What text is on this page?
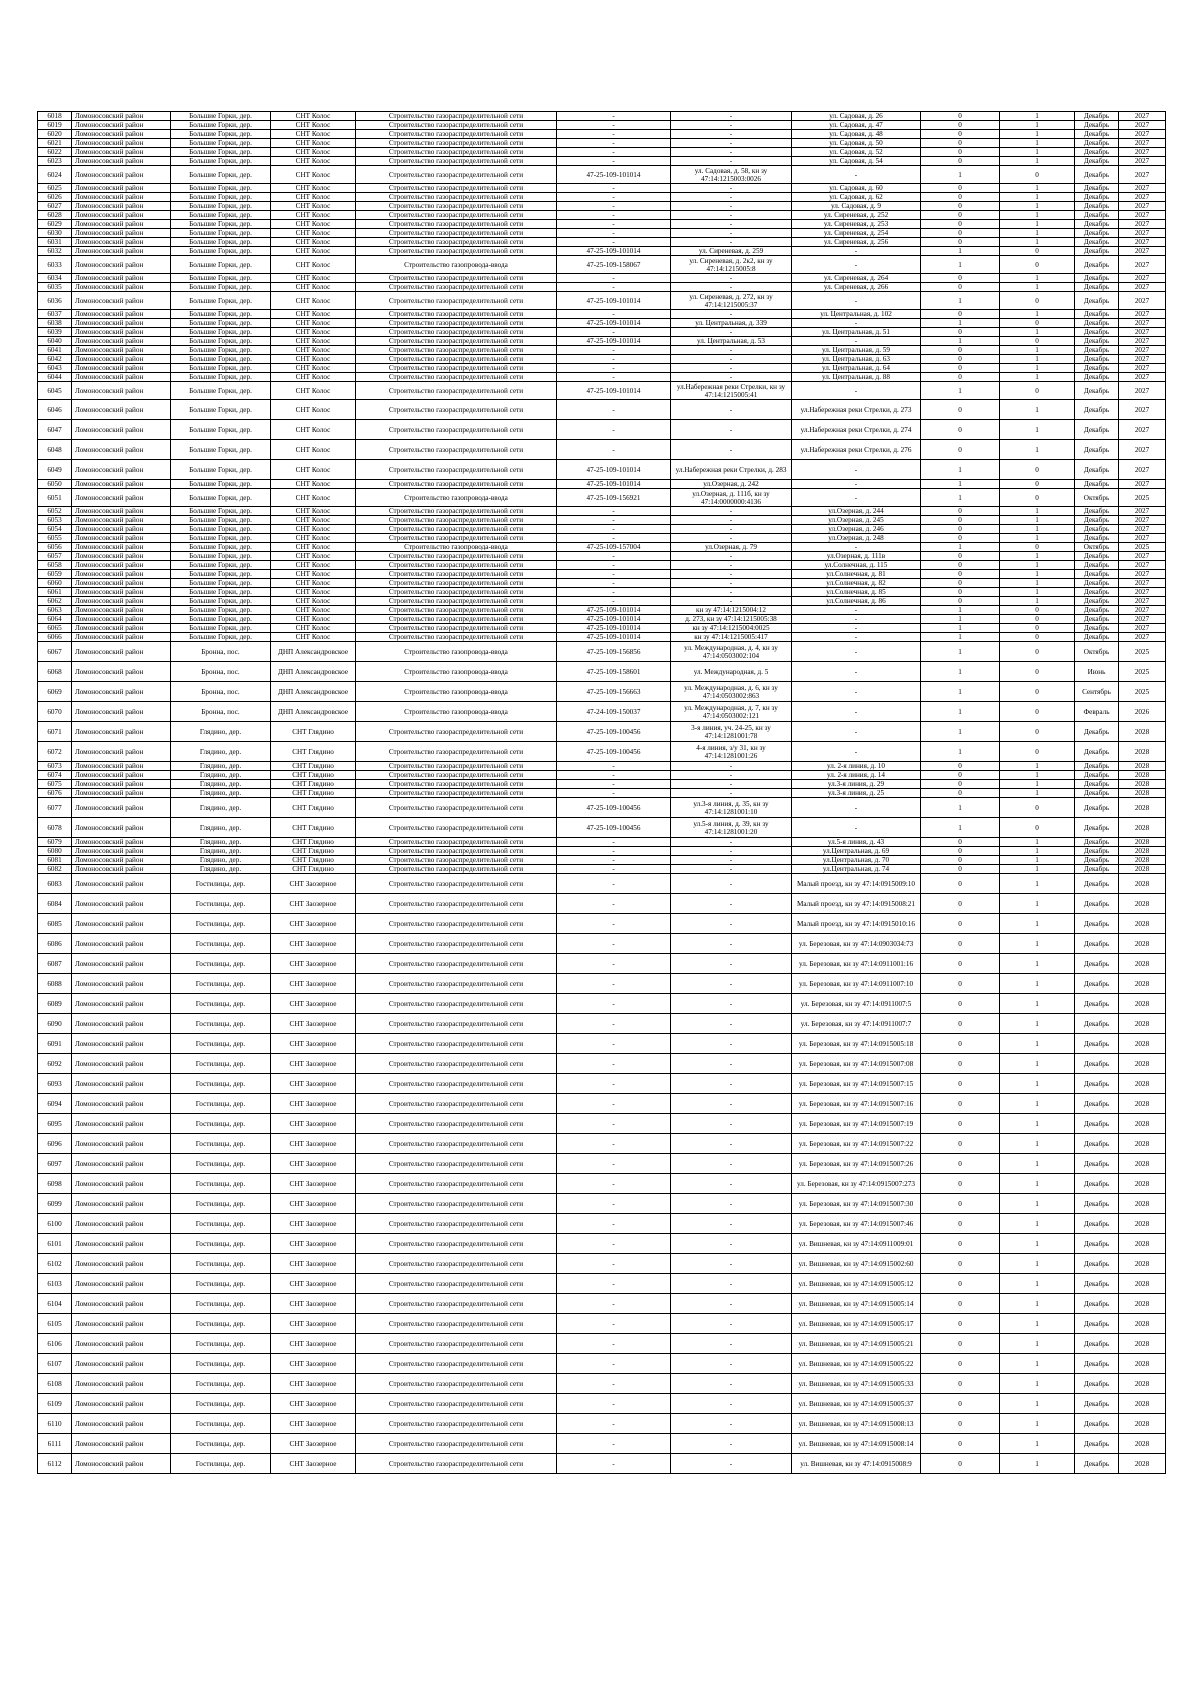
6018	Ломоносовский район	Большие Горки, дер.	СНТ Колос	Строительство газораспределительной сети	-	-	ул. Садовая, д. 26	0	1	Декабрь	2027
6019	Ломоносовский район	Большие Горки, дер.	СНТ Колос	Строительство газораспределительной сети	-	-	ул. Садовая, д. 47	0	1	Декабрь	2027
6020	Ломоносовский район	Большие Горки, дер.	СНТ Колос	Строительство газораспределительной сети	-	-	ул. Садовая, д. 48	0	1	Декабрь	2027
6021	Ломоносовский район	Большие Горки, дер.	СНТ Колос	Строительство газораспределительной сети	-	-	ул. Садовая, д. 50	0	1	Декабрь	2027
6022	Ломоносовский район	Большие Горки, дер.	СНТ Колос	Строительство газораспределительной сети	-	-	ул. Садовая, д. 52	0	1	Декабрь	2027
6023	Ломоносовский район	Большие Горки, дер.	СНТ Колос	Строительство газораспределительной сети	-	-	ул. Садовая, д. 54	0	1	Декабрь	2027
6024	Ломоносовский район	Большие Горки, дер.	СНТ Колос	Строительство газораспределительной сети	47-25-109-101014	ул. Садовая, д. 58, кн зу 47:14:1215003:0026	-	1	0	Декабрь	2027
6025	Ломоносовский район	Большие Горки, дер.	СНТ Колос	Строительство газораспределительной сети	-	-	ул. Садовая, д. 60	0	1	Декабрь	2027
6026	Ломоносовский район	Большие Горки, дер.	СНТ Колос	Строительство газораспределительной сети	-	-	ул. Садовая, д. 62	0	1	Декабрь	2027
6027	Ломоносовский район	Большие Горки, дер.	СНТ Колос	Строительство газораспределительной сети	-	-	ул. Садовая, д. 9	0	1	Декабрь	2027
6028	Ломоносовский район	Большие Горки, дер.	СНТ Колос	Строительство газораспределительной сети	-	-	ул. Сиреневая, д. 252	0	1	Декабрь	2027
6029	Ломоносовский район	Большие Горки, дер.	СНТ Колос	Строительство газораспределительной сети	-	-	ул. Сиреневая, д. 253	0	1	Декабрь	2027
6030	Ломоносовский район	Большие Горки, дер.	СНТ Колос	Строительство газораспределительной сети	-	-	ул. Сиреневая, д. 254	0	1	Декабрь	2027
6031	Ломоносовский район	Большие Горки, дер.	СНТ Колос	Строительство газораспределительной сети	-	-	ул. Сиреневая, д. 256	0	1	Декабрь	2027
6032	Ломоносовский район	Большие Горки, дер.	СНТ Колос	Строительство газораспределительной сети	47-25-109-101014	ул. Сиреневая, д. 259	-	1	0	Декабрь	2027
6033	Ломоносовский район	Большие Горки, дер.	СНТ Колос	Строительство газопровода-ввода	47-25-109-158067	ул. Сиреневая, д. 2к2, кн зу 47:14:1215005:8	-	1	0	Декабрь	2027
6034	Ломоносовский район	Большие Горки, дер.	СНТ Колос	Строительство газораспределительной сети	-	-	ул. Сиреневая, д. 264	0	1	Декабрь	2027
6035	Ломоносовский район	Большие Горки, дер.	СНТ Колос	Строительство газораспределительной сети	-	-	ул. Сиреневая, д. 266	0	1	Декабрь	2027
6036	Ломоносовский район	Большие Горки, дер.	СНТ Колос	Строительство газораспределительной сети	47-25-109-101014	ул. Сиреневая, д. 272, кн зу 47:14:1215005:37	-	1	0	Декабрь	2027
6037	Ломоносовский район	Большие Горки, дер.	СНТ Колос	Строительство газораспределительной сети	-	-	ул. Центральная, д. 102	0	1	Декабрь	2027
6038	Ломоносовский район	Большие Горки, дер.	СНТ Колос	Строительство газораспределительной сети	47-25-109-101014	ул. Центральная, д. 339	-	1	0	Декабрь	2027
6039	Ломоносовский район	Большие Горки, дер.	СНТ Колос	Строительство газораспределительной сети	-	-	ул. Центральная, д. 51	0	1	Декабрь	2027
6040	Ломоносовский район	Большие Горки, дер.	СНТ Колос	Строительство газораспределительной сети	47-25-109-101014	ул. Центральная, д. 53	-	1	0	Декабрь	2027
6041	Ломоносовский район	Большие Горки, дер.	СНТ Колос	Строительство газораспределительной сети	-	-	ул. Центральная, д. 59	0	1	Декабрь	2027
6042	Ломоносовский район	Большие Горки, дер.	СНТ Колос	Строительство газораспределительной сети	-	-	ул. Центральная, д. 63	0	1	Декабрь	2027
6043	Ломоносовский район	Большие Горки, дер.	СНТ Колос	Строительство газораспределительной сети	-	-	ул. Центральная, д. 64	0	1	Декабрь	2027
6044	Ломоносовский район	Большие Горки, дер.	СНТ Колос	Строительство газораспределительной сети	-	-	ул. Центральная, д. 88	0	1	Декабрь	2027
6045	Ломоносовский район	Большие Горки, дер.	СНТ Колос	Строительство газораспределительной сети	47-25-109-101014	ул.Набережная реки Стрелки, кн зу 47:14:1215005:41	-	1	0	Декабрь	2027
6046	Ломоносовский район	Большие Горки, дер.	СНТ Колос	Строительство газораспределительной сети	-	-	ул.Набережная реки Стрелки, д. 273	0	1	Декабрь	2027
6047	Ломоносовский район	Большие Горки, дер.	СНТ Колос	Строительство газораспределительной сети	-	-	ул.Набережная реки Стрелки, д. 274	0	1	Декабрь	2027
6048	Ломоносовский район	Большие Горки, дер.	СНТ Колос	Строительство газораспределительной сети	-	-	ул.Набережная реки Стрелки, д. 276	0	1	Декабрь	2027
6049	Ломоносовский район	Большие Горки, дер.	СНТ Колос	Строительство газораспределительной сети	47-25-109-101014	ул.Набережная реки Стрелки, д. 283	-	1	0	Декабрь	2027
6050	Ломоносовский район	Большие Горки, дер.	СНТ Колос	Строительство газораспределительной сети	47-25-109-101014	ул.Озерная, д. 242	-	1	0	Декабрь	2027
6051	Ломоносовский район	Большие Горки, дер.	СНТ Колос	Строительство газопровода-ввода	47-25-109-156921	ул.Озерная, д. 111б, кн зу 47:14:0000000:4136	-	1	0	Октябрь	2025
6052	Ломоносовский район	Большие Горки, дер.	СНТ Колос	Строительство газораспределительной сети	-	-	ул.Озерная, д. 244	0	1	Декабрь	2027
6053	Ломоносовский район	Большие Горки, дер.	СНТ Колос	Строительство газораспределительной сети	-	-	ул.Озерная, д. 245	0	1	Декабрь	2027
6054	Ломоносовский район	Большие Горки, дер.	СНТ Колос	Строительство газораспределительной сети	-	-	ул.Озерная, д. 246	0	1	Декабрь	2027
6055	Ломоносовский район	Большие Горки, дер.	СНТ Колос	Строительство газораспределительной сети	-	-	ул.Озерная, д. 248	0	1	Декабрь	2027
6056	Ломоносовский район	Большие Горки, дер.	СНТ Колос	Строительство газопровода-ввода	47-25-109-157004	ул.Озерная, д. 79	-	1	0	Октябрь	2025
6057	Ломоносовский район	Большие Горки, дер.	СНТ Колос	Строительство газораспределительной сети	-	-	ул.Озерная, д. 111в	0	1	Декабрь	2027
6058	Ломоносовский район	Большие Горки, дер.	СНТ Колос	Строительство газораспределительной сети	-	-	ул.Солнечная, д. 115	0	1	Декабрь	2027
6059	Ломоносовский район	Большие Горки, дер.	СНТ Колос	Строительство газораспределительной сети	-	-	ул.Солнечная, д. 81	0	1	Декабрь	2027
6060	Ломоносовский район	Большие Горки, дер.	СНТ Колос	Строительство газораспределительной сети	-	-	ул.Солнечная, д. 82	0	1	Декабрь	2027
6061	Ломоносовский район	Большие Горки, дер.	СНТ Колос	Строительство газораспределительной сети	-	-	ул.Солнечная, д. 85	0	1	Декабрь	2027
6062	Ломоносовский район	Большие Горки, дер.	СНТ Колос	Строительство газораспределительной сети	-	-	ул.Солнечная, д. 86	0	1	Декабрь	2027
6063	Ломоносовский район	Большие Горки, дер.	СНТ Колос	Строительство газораспределительной сети	47-25-109-101014	кн зу 47:14:1215004:12	-	1	0	Декабрь	2027
6064	Ломоносовский район	Большие Горки, дер.	СНТ Колос	Строительство газораспределительной сети	47-25-109-101014	д. 273, кн зу 47:14:1215005:38	-	1	0	Декабрь	2027
6065	Ломоносовский район	Большие Горки, дер.	СНТ Колос	Строительство газораспределительной сети	47-25-109-101014	кн зу 47:14:1215004:0025	-	1	0	Декабрь	2027
6066	Ломоносовский район	Большие Горки, дер.	СНТ Колос	Строительство газораспределительной сети	47-25-109-101014	кн зу 47:14:1215005:417	-	1	0	Декабрь	2027
6067	Ломоносовский район	Бронна, пос.	ДНП Александровское	Строительство газопровода-ввода	47-25-109-156856	ул. Международная, д. 4, кн зу 47:14:0503002:104	-	1	0	Октябрь	2025
6068	Ломоносовский район	Бронна, пос.	ДНП Александровское	Строительство газопровода-ввода	47-25-109-158601	ул. Международная, д. 5	-	1	0	Июнь	2025
6069	Ломоносовский район	Бронна, пос.	ДНП Александровское	Строительство газопровода-ввода	47-25-109-156663	ул. Международная, д. 6, кн зу 47:14:0503002:863	-	1	0	Сентябрь	2025
6070	Ломоносовский район	Бронна, пос.	ДНП Александровское	Строительство газопровода-ввода	47-24-109-150037	ул. Международная, д. 7, кн зу 47:14:0503002:121	-	1	0	Февраль	2026
6071	Ломоносовский район	Глядино, дер.	СНТ Глядино	Строительство газораспределительной сети	47-25-109-100456	3-я линия, уч. 24-25, кн зу 47:14:1281001:78	-	1	0	Декабрь	2028
6072	Ломоносовский район	Глядино, дер.	СНТ Глядино	Строительство газораспределительной сети	47-25-109-100456	4-я линия, з/у 31, кн зу 47:14:1281001:26	-	1	0	Декабрь	2028
6073	Ломоносовский район	Глядино, дер.	СНТ Глядино	Строительство газораспределительной сети	-	-	ул. 2-я линия, д. 10	0	1	Декабрь	2028
6074	Ломоносовский район	Глядино, дер.	СНТ Глядино	Строительство газораспределительной сети	-	-	ул. 2-я линия, д. 14	0	1	Декабрь	2028
6075	Ломоносовский район	Глядино, дер.	СНТ Глядино	Строительство газораспределительной сети	-	-	ул.3-я линия, д. 29	0	1	Декабрь	2028
6076	Ломоносовский район	Глядино, дер.	СНТ Глядино	Строительство газораспределительной сети	-	-	ул.3-я линия, д. 25	0	1	Декабрь	2028
6077	Ломоносовский район	Глядино, дер.	СНТ Глядино	Строительство газораспределительной сети	47-25-109-100456	ул.3-я линия, д. 35, кн зу 47:14:1281001:10	-	1	0	Декабрь	2028
6078	Ломоносовский район	Глядино, дер.	СНТ Глядино	Строительство газораспределительной сети	47-25-109-100456	ул.5-я линия, д. 39, кн зу 47:14:1281001:20	-	1	0	Декабрь	2028
6079	Ломоносовский район	Глядино, дер.	СНТ Глядино	Строительство газораспределительной сети	-	-	ул.5-я линия, д. 43	0	1	Декабрь	2028
6080	Ломоносовский район	Глядино, дер.	СНТ Глядино	Строительство газораспределительной сети	-	-	ул.Центральная, д. 69	0	1	Декабрь	2028
6081	Ломоносовский район	Глядино, дер.	СНТ Глядино	Строительство газораспределительной сети	-	-	ул.Центральная, д. 70	0	1	Декабрь	2028
6082	Ломоносовский район	Глядино, дер.	СНТ Глядино	Строительство газораспределительной сети	-	-	ул.Центральная, д. 74	0	1	Декабрь	2028
6083	Ломоносовский район	Гостилицы, дер.	СНТ Заозерное	Строительство газораспределительной сети	-	-	Малый проезд, кн зу 47:14:0915009:10	0	1	Декабрь	2028
6084	Ломоносовский район	Гостилицы, дер.	СНТ Заозерное	Строительство газораспределительной сети	-	-	Малый проезд, кн зу 47:14:0915008:21	0	1	Декабрь	2028
6085	Ломоносовский район	Гостилицы, дер.	СНТ Заозерное	Строительство газораспределительной сети	-	-	Малый проезд, кн зу 47:14:0915010:16	0	1	Декабрь	2028
6086	Ломоносовский район	Гостилицы, дер.	СНТ Заозерное	Строительство газораспределительной сети	-	-	ул. Березовая, кн зу 47:14:0903034:73	0	1	Декабрь	2028
6087	Ломоносовский район	Гостилицы, дер.	СНТ Заозерное	Строительство газораспределительной сети	-	-	ул. Березовая, кн зу 47:14:0911001:16	0	1	Декабрь	2028
6088	Ломоносовский район	Гостилицы, дер.	СНТ Заозерное	Строительство газораспределительной сети	-	-	ул. Березовая, кн зу 47:14:0911007:10	0	1	Декабрь	2028
6089	Ломоносовский район	Гостилицы, дер.	СНТ Заозерное	Строительство газораспределительной сети	-	-	ул. Березовая, кн зу 47:14:0911007:5	0	1	Декабрь	2028
6090	Ломоносовский район	Гостилицы, дер.	СНТ Заозерное	Строительство газораспределительной сети	-	-	ул. Березовая, кн зу 47:14:0911007:7	0	1	Декабрь	2028
6091	Ломоносовский район	Гостилицы, дер.	СНТ Заозерное	Строительство газораспределительной сети	-	-	ул. Березовая, кн зу 47:14:0915005:18	0	1	Декабрь	2028
6092	Ломоносовский район	Гостилицы, дер.	СНТ Заозерное	Строительство газораспределительной сети	-	-	ул. Березовая, кн зу 47:14:0915007:08	0	1	Декабрь	2028
6093	Ломоносовский район	Гостилицы, дер.	СНТ Заозерное	Строительство газораспределительной сети	-	-	ул. Березовая, кн зу 47:14:0915007:15	0	1	Декабрь	2028
6094	Ломоносовский район	Гостилицы, дер.	СНТ Заозерное	Строительство газораспределительной сети	-	-	ул. Березовая, кн зу 47:14:0915007:16	0	1	Декабрь	2028
6095	Ломоносовский район	Гостилицы, дер.	СНТ Заозерное	Строительство газораспределительной сети	-	-	ул. Березовая, кн зу 47:14:0915007:19	0	1	Декабрь	2028
6096	Ломоносовский район	Гостилицы, дер.	СНТ Заозерное	Строительство газораспределительной сети	-	-	ул. Березовая, кн зу 47:14:0915007:22	0	1	Декабрь	2028
6097	Ломоносовский район	Гостилицы, дер.	СНТ Заозерное	Строительство газораспределительной сети	-	-	ул. Березовая, кн зу 47:14:0915007:26	0	1	Декабрь	2028
6098	Ломоносовский район	Гостилицы, дер.	СНТ Заозерное	Строительство газораспределительной сети	-	-	ул. Березовая, кн зу 47:14:0915007:273	0	1	Декабрь	2028
6099	Ломоносовский район	Гостилицы, дер.	СНТ Заозерное	Строительство газораспределительной сети	-	-	ул. Березовая, кн зу 47:14:0915007:30	0	1	Декабрь	2028
6100	Ломоносовский район	Гостилицы, дер.	СНТ Заозерное	Строительство газораспределительной сети	-	-	ул. Березовая, кн зу 47:14:0915007:46	0	1	Декабрь	2028
6101	Ломоносовский район	Гостилицы, дер.	СНТ Заозерное	Строительство газораспределительной сети	-	-	ул. Вишневая, кн зу 47:14:0911009:01	0	1	Декабрь	2028
6102	Ломоносовский район	Гостилицы, дер.	СНТ Заозерное	Строительство газораспределительной сети	-	-	ул. Вишневая, кн зу 47:14:0915002:60	0	1	Декабрь	2028
6103	Ломоносовский район	Гостилицы, дер.	СНТ Заозерное	Строительство газораспределительной сети	-	-	ул. Вишневая, кн зу 47:14:0915005:12	0	1	Декабрь	2028
6104	Ломоносовский район	Гостилицы, дер.	СНТ Заозерное	Строительство газораспределительной сети	-	-	ул. Вишневая, кн зу 47:14:0915005:14	0	1	Декабрь	2028
6105	Ломоносовский район	Гостилицы, дер.	СНТ Заозерное	Строительство газораспределительной сети	-	-	ул. Вишневая, кн зу 47:14:0915005:17	0	1	Декабрь	2028
6106	Ломоносовский район	Гостилицы, дер.	СНТ Заозерное	Строительство газораспределительной сети	-	-	ул. Вишневая, кн зу 47:14:0915005:21	0	1	Декабрь	2028
6107	Ломоносовский район	Гостилицы, дер.	СНТ Заозерное	Строительство газораспределительной сети	-	-	ул. Вишневая, кн зу 47:14:0915005:22	0	1	Декабрь	2028
6108	Ломоносовский район	Гостилицы, дер.	СНТ Заозерное	Строительство газораспределительной сети	-	-	ул. Вишневая, кн зу 47:14:0915005:33	0	1	Декабрь	2028
6109	Ломоносовский район	Гостилицы, дер.	СНТ Заозерное	Строительство газораспределительной сети	-	-	ул. Вишневая, кн зу 47:14:0915005:37	0	1	Декабрь	2028
6110	Ломоносовский район	Гостилицы, дер.	СНТ Заозерное	Строительство газораспределительной сети	-	-	ул. Вишневая, кн зу 47:14:0915008:13	0	1	Декабрь	2028
6111	Ломоносовский район	Гостилицы, дер.	СНТ Заозерное	Строительство газораспределительной сети	-	-	ул. Вишневая, кн зу 47:14:0915008:14	0	1	Декабрь	2028
6112	Ломоносовский район	Гостилицы, дер.	СНТ Заозерное	Строительство газораспределительной сети	-	-	ул. Вишневая, кн зу 47:14:0915008:9	0	1	Декабрь	2028
